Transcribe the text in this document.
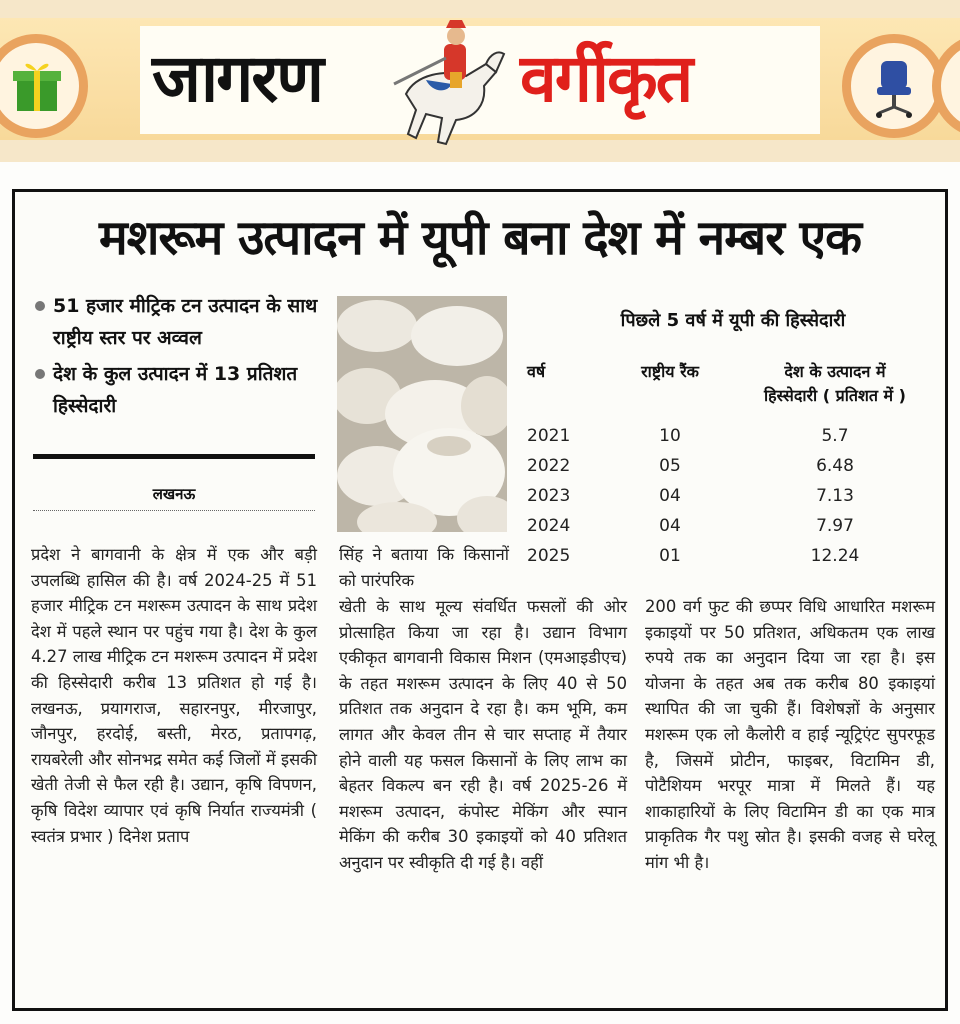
जागरण	वर्गीकृत
मशरूम उत्पादन में यूपी बना देश में नम्बर एक
51 हजार मीट्रिक टन उत्पादन के साथ राष्ट्रीय स्तर पर अव्वल
देश के कुल उत्पादन में 13 प्रतिशत हिस्सेदारी
लखनऊ
पिछले 5 वर्ष में यूपी की हिस्सेदारी
वर्ष	राष्ट्रीय रैंक	देश के उत्पादन में
हिस्सेदारी ( प्रतिशत में )
2021	10	5.7
2022	05	6.48
2023	04	7.13
2024	04	7.97
2025	01	12.24
प्रदेश ने बागवानी के क्षेत्र में एक और बड़ी उपलब्धि हासिल की है। वर्ष 2024-25 में 51 हजार मीट्रिक टन मशरूम उत्पादन के साथ प्रदेश देश में पहले स्थान पर पहुंच गया है। देश के कुल 4.27 लाख मीट्रिक टन मशरूम उत्पादन में प्रदेश की हिस्सेदारी करीब 13 प्रतिशत हो गई है। लखनऊ, प्रयागराज, सहारनपुर, मीरजापुर, जौनपुर, हरदोई, बस्ती, मेरठ, प्रतापगढ़, रायबरेली और सोनभद्र समेत कई जिलों में इसकी खेती तेजी से फैल रही है। उद्यान, कृषि विपणन, कृषि विदेश व्यापार एवं कृषि निर्यात राज्यमंत्री ( स्वतंत्र प्रभार ) दिनेश प्रताप
सिंह ने बताया कि किसानों को पारंपरिक
खेती के साथ मूल्य संवर्धित फसलों की ओर प्रोत्साहित किया जा रहा है। उद्यान विभाग एकीकृत बागवानी विकास मिशन (एमआइडीएच) के तहत मशरूम उत्पादन के लिए 40 से 50 प्रतिशत तक अनुदान दे रहा है। कम भूमि, कम लागत और केवल तीन से चार सप्ताह में तैयार होने वाली यह फसल किसानों के लिए लाभ का बेहतर विकल्प बन रही है। वर्ष 2025-26 में मशरूम उत्पादन, कंपोस्ट मेकिंग और स्पान मेकिंग की करीब 30 इकाइयों को 40 प्रतिशत अनुदान पर स्वीकृति दी गई है। वहीं
200 वर्ग फुट की छप्पर विधि आधारित मशरूम इकाइयों पर 50 प्रतिशत, अधिकतम एक लाख रुपये तक का अनुदान दिया जा रहा है। इस योजना के तहत अब तक करीब 80 इकाइयां स्थापित की जा चुकी हैं। विशेषज्ञों के अनुसार मशरूम एक लो कैलोरी व हाई न्यूट्रिएंट सुपरफूड है, जिसमें प्रोटीन, फाइबर, विटामिन डी, पोटैशियम भरपूर मात्रा में मिलते हैं। यह शाकाहारियों के लिए विटामिन डी का एक मात्र प्राकृतिक गैर पशु स्रोत है। इसकी वजह से घरेलू मांग भी है।
